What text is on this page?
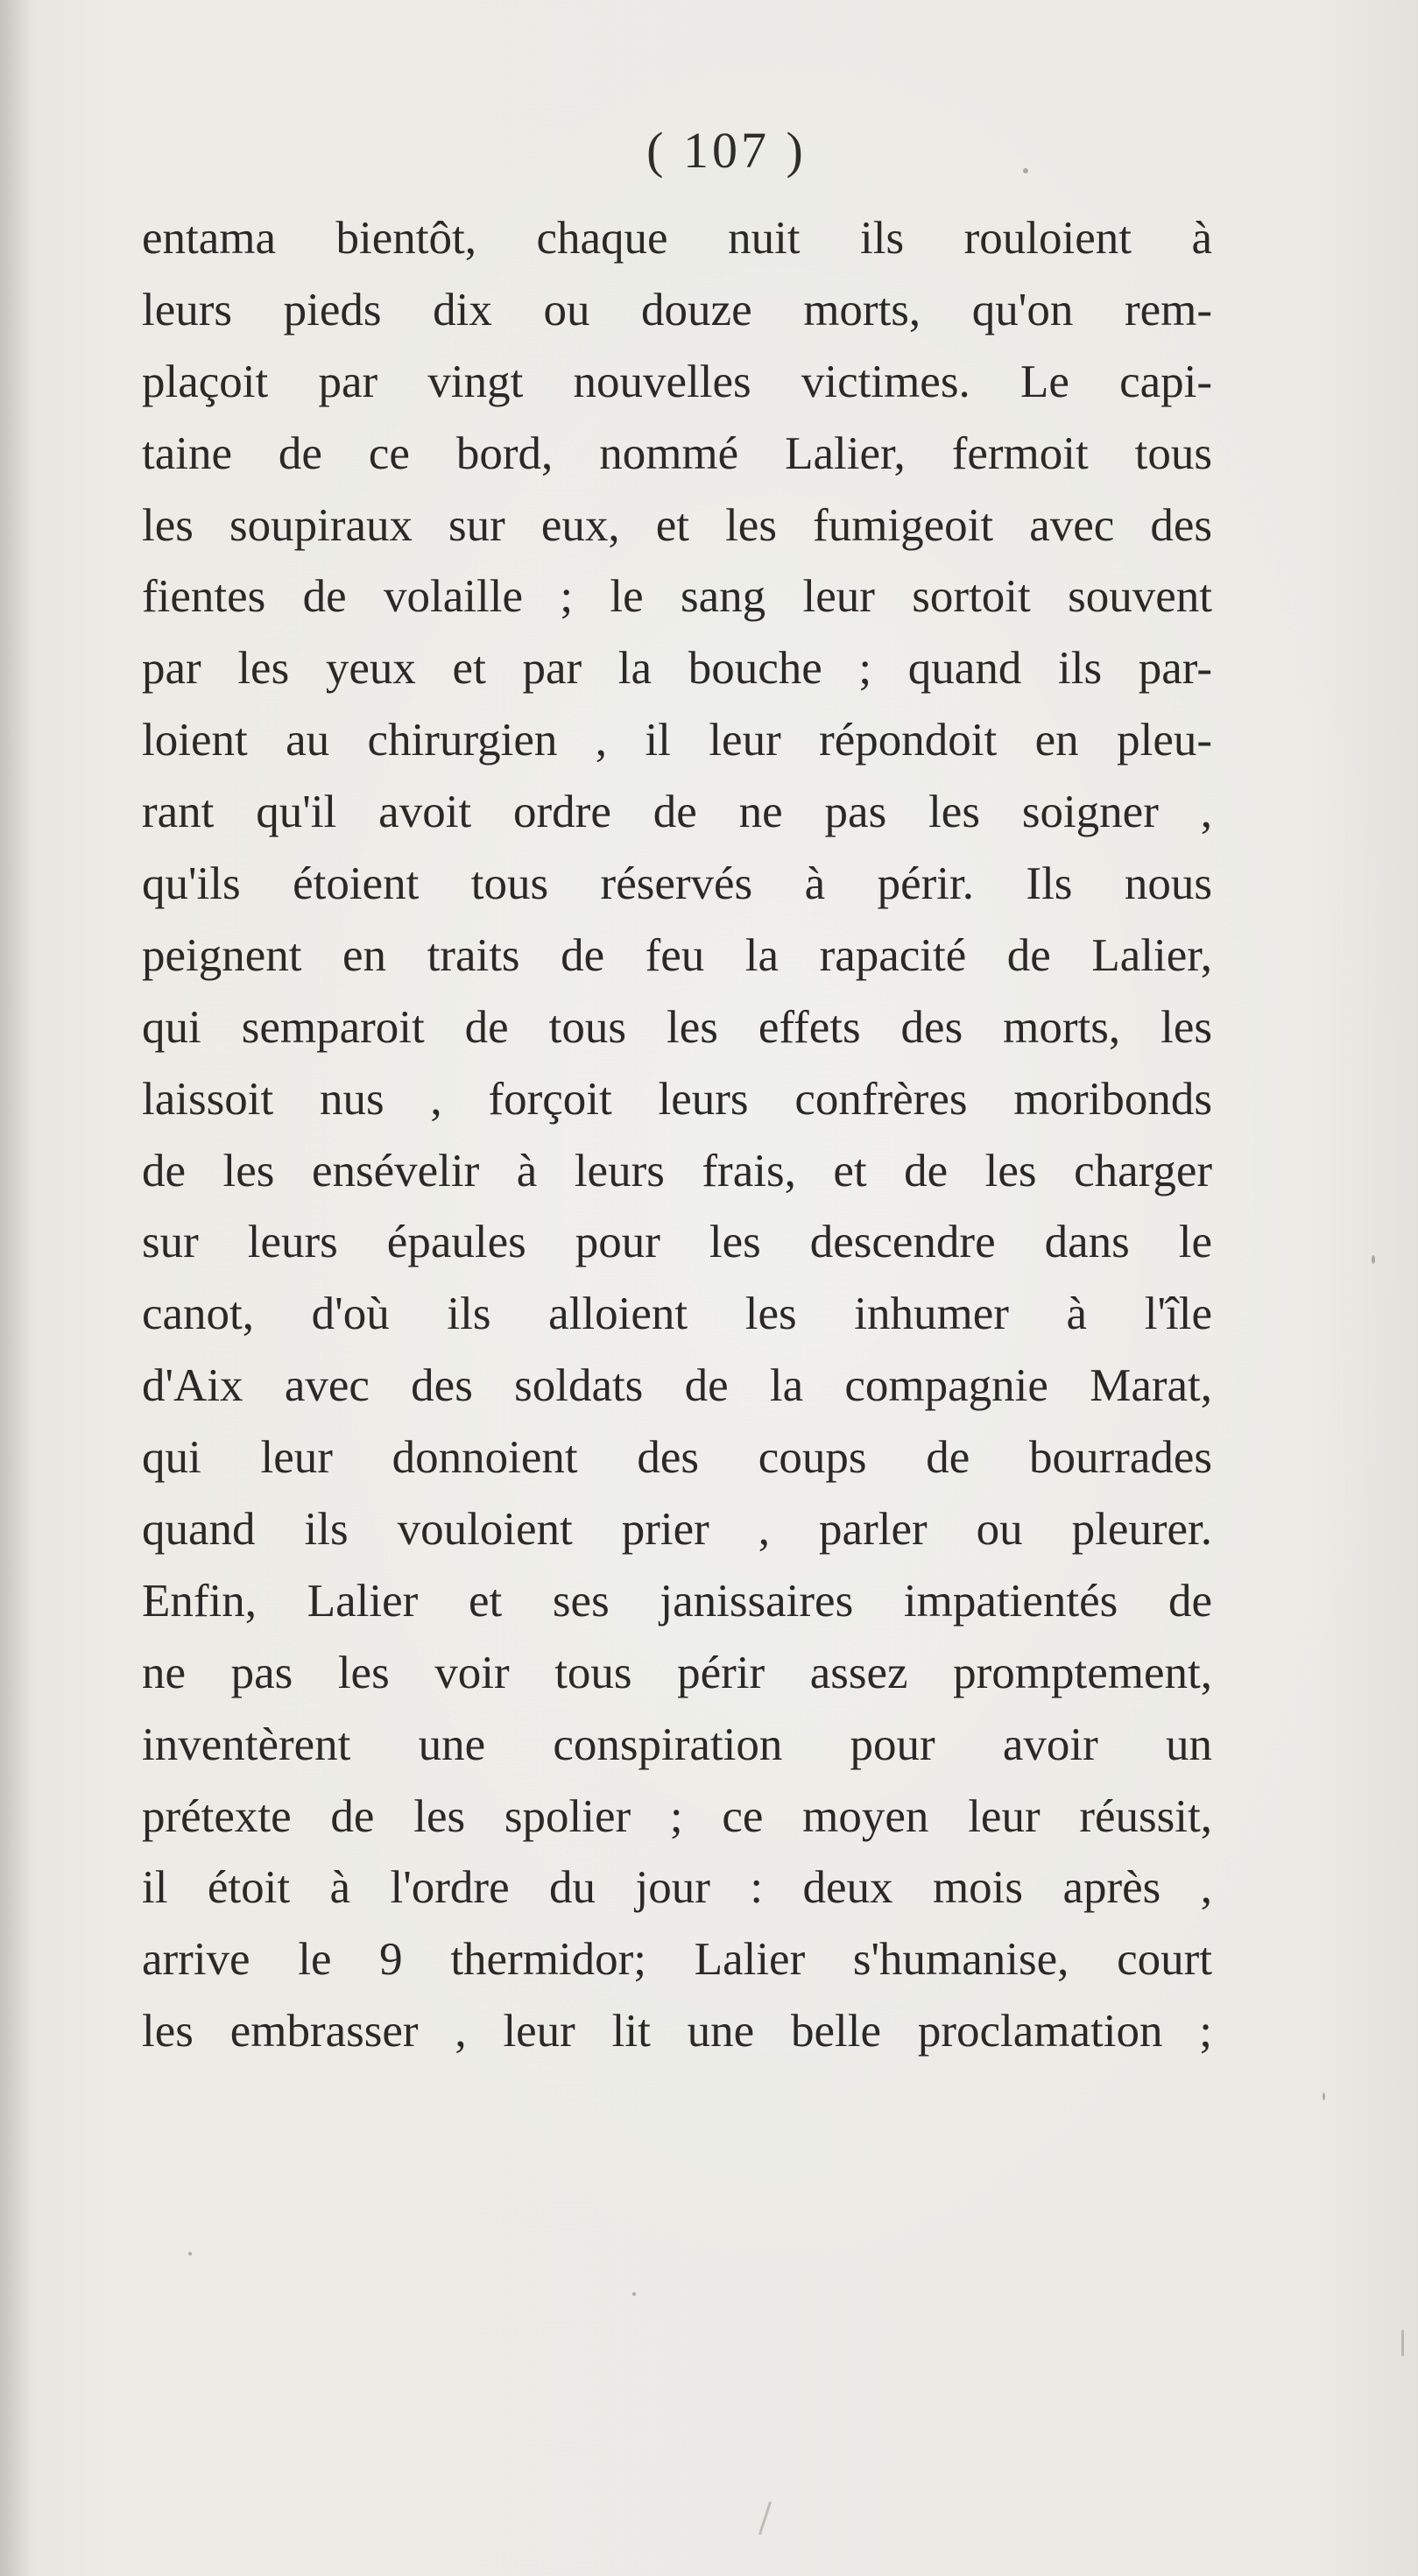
( 107 )
entama bientôt, chaque nuit ils rouloient à
leurs pieds dix ou douze morts, qu'on rem-
plaçoit par vingt nouvelles victimes. Le capi-
taine de ce bord, nommé Lalier, fermoit tous
les soupiraux sur eux, et les fumigeoit avec des
fientes de volaille ; le sang leur sortoit souvent
par les yeux et par la bouche ; quand ils par-
loient au chirurgien , il leur répondoit en pleu-
rant qu'il avoit ordre de ne pas les soigner ,
qu'ils étoient tous réservés à périr. Ils nous
peignent en traits de feu la rapacité de Lalier,
qui semparoit de tous les effets des morts, les
laissoit nus , forçoit leurs confrères moribonds
de les ensévelir à leurs frais, et de les charger
sur leurs épaules pour les descendre dans le
canot, d'où ils alloient les inhumer à l'île
d'Aix avec des soldats de la compagnie Marat,
qui leur donnoient des coups de bourrades
quand ils vouloient prier , parler ou pleurer.
Enfin, Lalier et ses janissaires impatientés de
ne pas les voir tous périr assez promptement,
inventèrent une conspiration pour avoir un
prétexte de les spolier ; ce moyen leur réussit,
il étoit à l'ordre du jour : deux mois après ,
arrive le 9 thermidor; Lalier s'humanise, court
les embrasser , leur lit une belle proclamation ;
